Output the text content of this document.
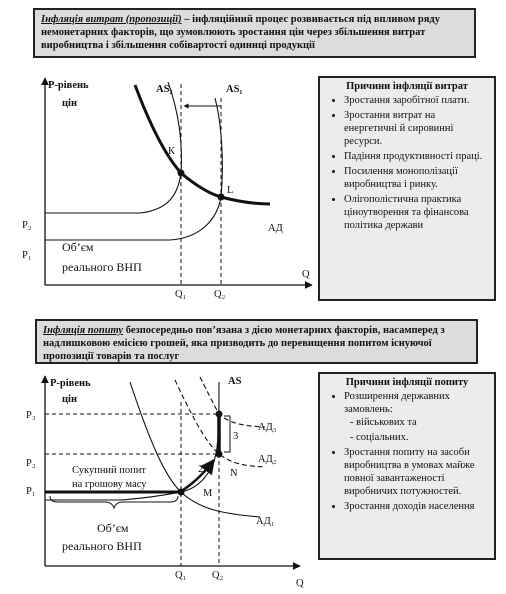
Інфляція витрат (пропозиції) – інфляційний процес розвивається під впливом ряду немонетарних факторів, що зумовлюють зростання цін через збільшення витрат виробництва і збільшення собівартості одиниці продукції
Р-рівень
цін
AS₂	AS₁
К
L
АД
P₂
P₁
Q
Q₁	Q₂
Об’єм
реального ВНП
Причини інфляції витрат
• Зростання заробітної плати.
• Зростання витрат на енергетичні й сировинні ресурси.
• Падіння продуктивності праці.
• Посилення монополізації виробництва і ринку.
• Олігополістична практика ціноутворення та фінансова політика держави
Інфляція попиту безпосередньо пов’язана з дією монетарних факторів, насамперед з надлишковою емісією грошей, яка призводить до перевищення попитом існуючої пропозиції товарів та послуг
Р-рівень
цін
AS
АД₃
АД₂
АД₁
P₃
P₂
P₁
N
M
2
3
Q
Q₁ Q₂
Сукупний попит
на грошову масу
Об’єм
реального ВНП
Причини інфляції попиту
• Розширення державних замовлень:
- військових та
- соціальних.
• Зростання попиту на засоби виробництва в умовах майже повної завантаженості виробничих потужностей.
• Зростання доходів населення
